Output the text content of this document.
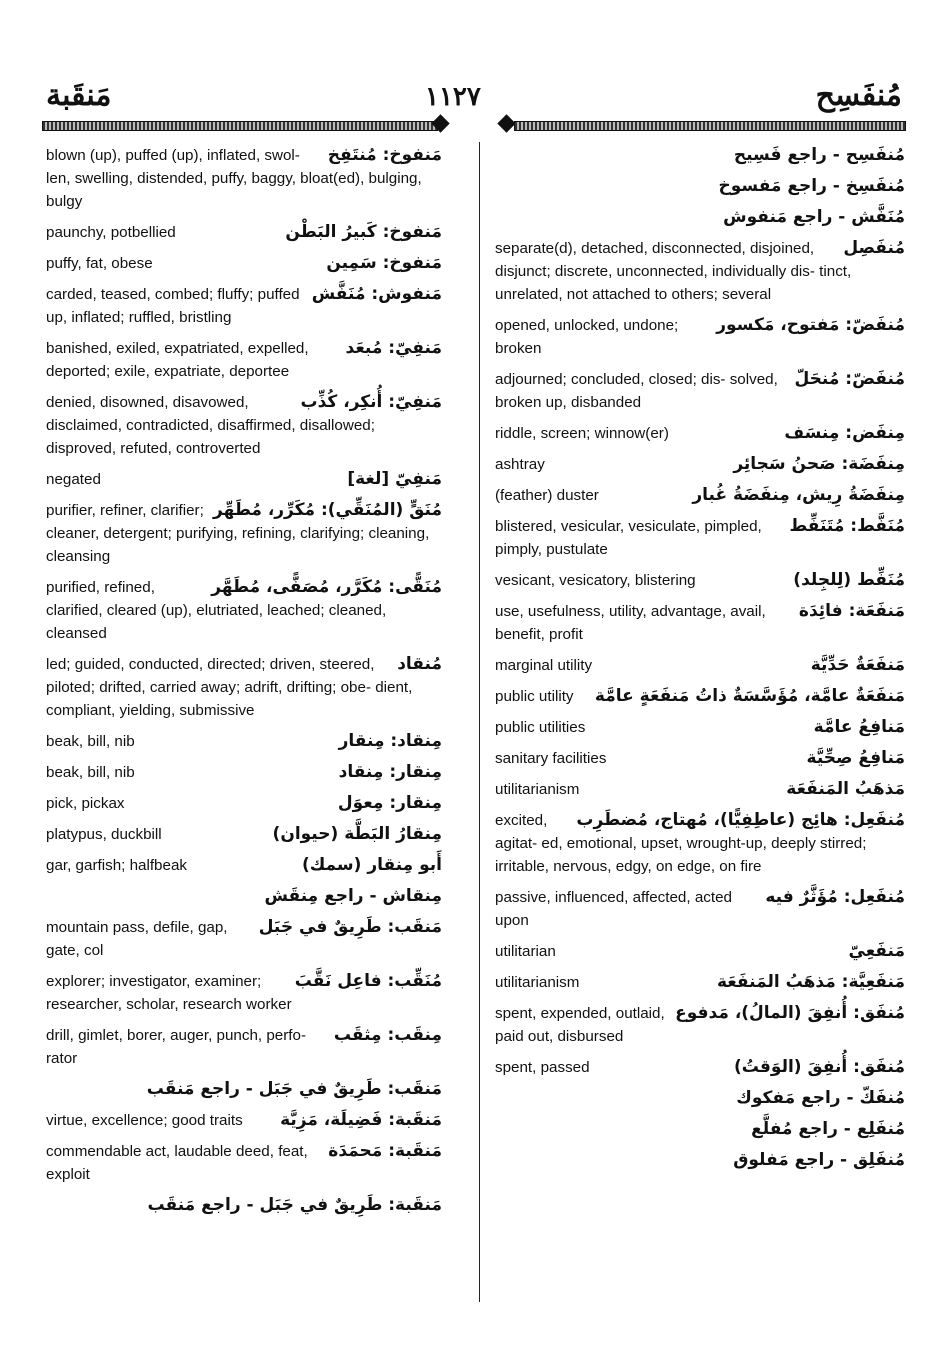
مَنقَبة	١١٢٧	مُنفَسِح
مَنفوخ: مُنتَفِخ
blown (up), puffed (up), inflated, swol- len, swelling, distended, puffy, baggy, bloat(ed), bulging, bulgy
مَنفوخ: كَبيرُ البَطْن
paunchy, potbellied
مَنفوخ: سَمِين
puffy, fat, obese
مَنفوش: مُنَفَّش
carded, teased, combed; fluffy; puffed up, inflated; ruffled, bristling
مَنفِيّ: مُبعَد
banished, exiled, expatriated, expelled, deported; exile, expatriate, deportee
مَنفِيّ: أُنكِر، كُذِّب
denied, disowned, disavowed, disclaimed, contradicted, disaffirmed, disallowed; disproved, refuted, controverted
مَنفِيّ [لغة]
negated
مُنَقٍّ (المُنَقِّي): مُكَرِّر، مُطَهِّر
purifier, refiner, clarifier; cleaner, detergent; purifying, refining, clarifying; cleaning, cleansing
مُنَقًّى: مُكَرَّر، مُصَفًّى، مُطَهَّر
purified, refined, clarified, cleared (up), elutriated, leached; cleaned, cleansed
مُنقاد
led; guided, conducted, directed; driven, steered, piloted; drifted, carried away; adrift, drifting; obe- dient, compliant, yielding, submissive
مِنقاد: مِنقار
beak, bill, nib
مِنقار: مِنقاد
beak, bill, nib
مِنقار: مِعوَل
pick, pickax
مِنقارُ البَطَّة (حيوان)
platypus, duckbill
أَبو مِنقار (سمك)
gar, garfish; halfbeak
مِنقاش - راجع مِنقَش
مَنقَب: طَرِيقٌ في جَبَل
mountain pass, defile, gap, gate, col
مُنَقِّب: فاعِل نَقَّبَ
explorer; investigator, examiner; researcher, scholar, research worker
مِنقَب: مِثقَب
drill, gimlet, borer, auger, punch, perfo- rator
مَنقَب: طَرِيقٌ في جَبَل - راجع مَنقَب
مَنقَبة: فَضِيلَة، مَزِيَّة
virtue, excellence; good traits
مَنقَبة: مَحمَدَة
commendable act, laudable deed, feat, exploit
مَنقَبة: طَرِيقٌ في جَبَل - راجع مَنقَب
مُنفَسِح - راجع فَسِيح
مُنفَسِخ - راجع مَفسوخ
مُنَفَّش - راجع مَنفوش
مُنفَصِل
separate(d), detached, disconnected, disjoined, disjunct; discrete, unconnected, individually dis- tinct, unrelated, not attached to others; several
مُنفَضّ: مَفتوح، مَكسور
opened, unlocked, undone; broken
مُنفَضّ: مُنحَلّ
adjourned; concluded, closed; dis- solved, broken up, disbanded
مِنفَض: مِنسَف
riddle, screen; winnow(er)
مِنفَضَة: صَحنُ سَجائِر
ashtray
مِنفَضَةُ رِيش، مِنفَضَةُ غُبار
(feather) duster
مُنَفَّط: مُتَنَفِّط
blistered, vesicular, vesiculate, pimpled, pimply, pustulate
مُنَفِّط (لِلجِلد)
vesicant, vesicatory, blistering
مَنفَعَة: فائِدَة
use, usefulness, utility, advantage, avail, benefit, profit
مَنفَعَةٌ حَدِّيَّة
marginal utility
مَنفَعَةٌ عامَّة، مُؤَسَّسَةٌ ذاتُ مَنفَعَةٍ عامَّة
public utility
مَنافِعُ عامَّة
public utilities
مَنافِعُ صِحِّيَّة
sanitary facilities
مَذهَبُ المَنفَعَة
utilitarianism
مُنفَعِل: هائِج (عاطِفِيًّا)، مُهتاج، مُضطَرِب
excited, agitat- ed, emotional, upset, wrought-up, deeply stirred; irritable, nervous, edgy, on edge, on fire
مُنفَعِل: مُؤَثَّرٌ فيه
passive, influenced, affected, acted upon
مَنفَعِيّ
utilitarian
مَنفَعِيَّة: مَذهَبُ المَنفَعَة
utilitarianism
مُنفَق: أُنفِقَ (المالُ)، مَدفوع
spent, expended, outlaid, paid out, disbursed
مُنفَق: أُنفِقَ (الوَقتُ)
spent, passed
مُنفَكّ - راجع مَفكوك
مُنفَلِع - راجع مُفلَّع
مُنفَلِق - راجع مَفلوق
